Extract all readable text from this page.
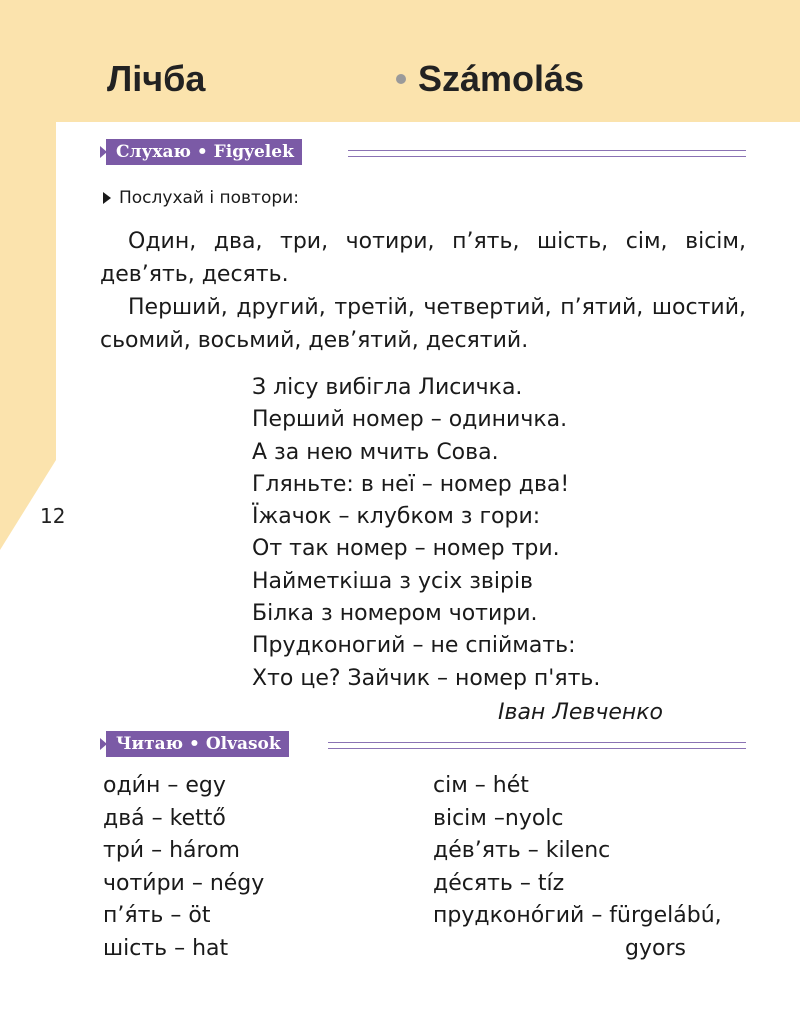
Лічба	Számolás
Слухаю • Figyelek
Послухай і повтори:

Один, два, три, чотири, п’ять, шість, сім, вісім, дев’ять, десять.

Перший, другий, третій, четвертий, п’ятий, шостий, сьомий, восьмий, дев’ятий, десятий.

З лісу вибігла Лисичка.
Перший номер – одиничка.
А за нею мчить Сова.
Гляньте: в неї – номер два!
Їжачок – клубком з гори:
От так номер – номер три.
Найметкіша з усіх звірів
Білка з номером чотири.
Прудконогий – не спіймать:
Хто це? Зайчик – номер п'ять.
Іван Левченко
12
Читаю • Olvasok
оди́н – egy
два́ – kettő
три́ – három
чоти́ри – négy
п’я́ть – öt
шість – hat
сім – hét
вісім –nyolc
де́в’ять – kilenc
де́сять – tíz
прудконо́гий – fürgelábú,
gyors
